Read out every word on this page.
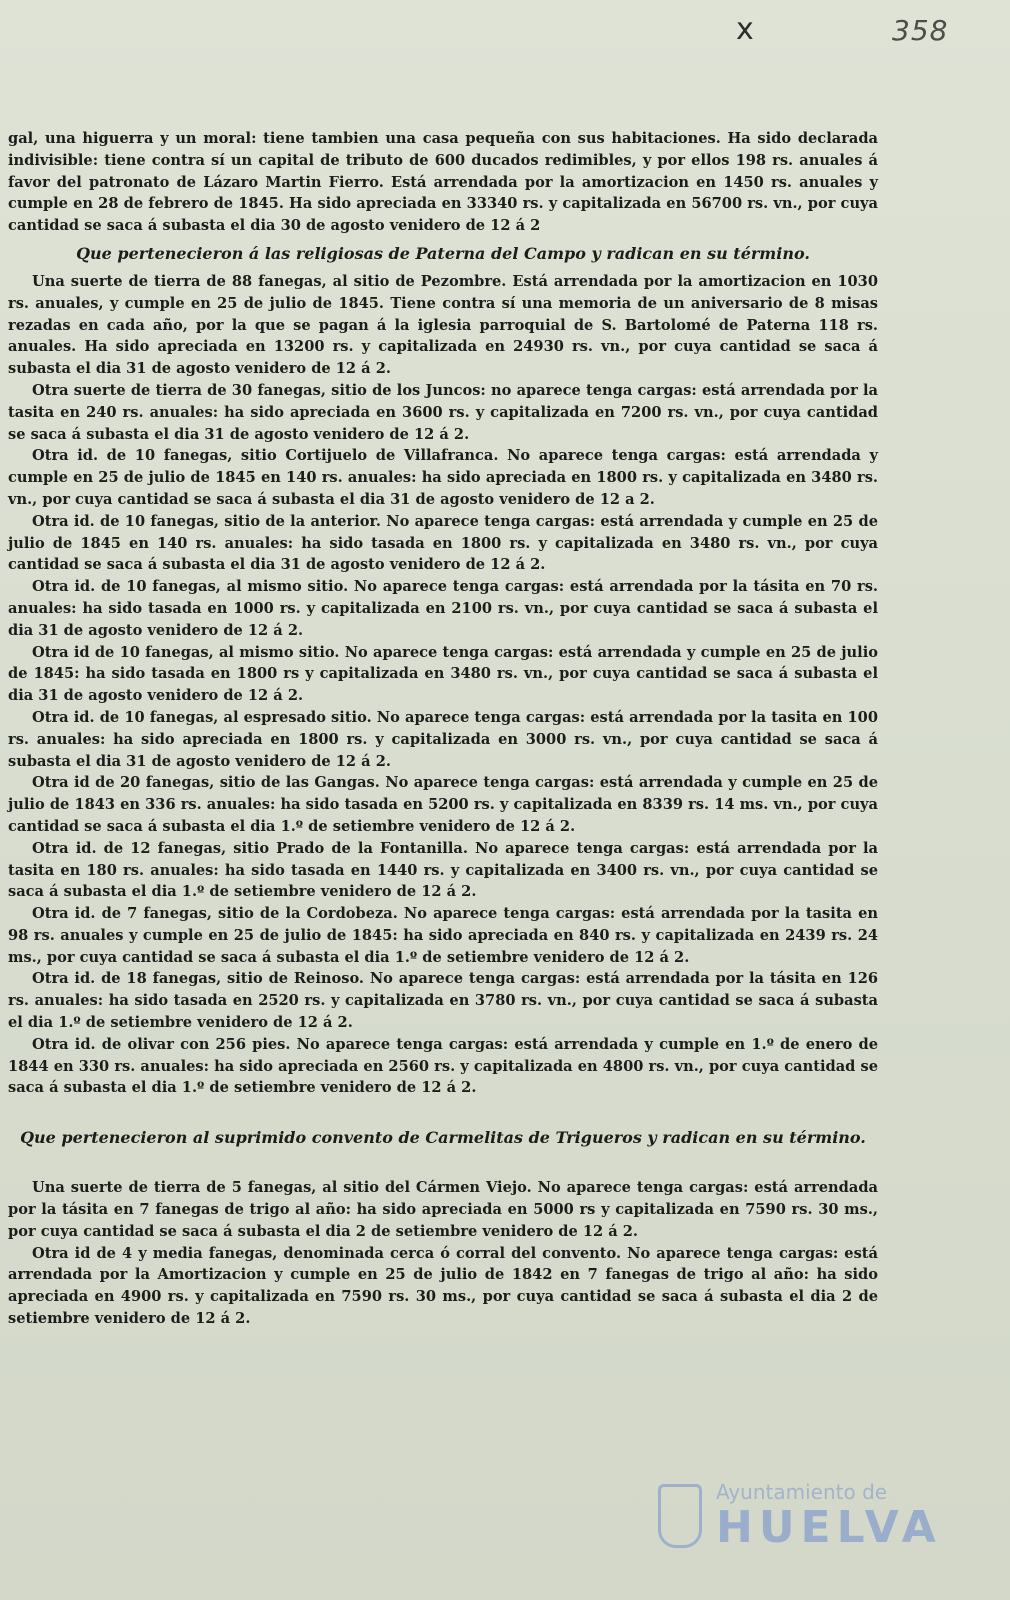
x	358

gal, una higuerra y un moral: tiene tambien una casa pequeña con sus habitaciones. Ha sido declarada indivisible: tiene contra sí un capital de tributo de 600 ducados redimibles, y por ellos 198 rs. anuales á favor del patronato de Lázaro Martin Fierro. Está arrendada por la amortizacion en 1450 rs. anuales y cumple en 28 de febrero de 1845. Ha sido apreciada en 33340 rs. y capitalizada en 56700 rs. vn., por cuya cantidad se saca á subasta el dia 30 de agosto venidero de 12 á 2

Que pertenecieron á las religiosas de Paterna del Campo y radican en su término.

Una suerte de tierra de 88 fanegas, al sitio de Pezombre. Está arrendada por la amortizacion en 1030 rs. anuales, y cumple en 25 de julio de 1845. Tiene contra sí una memoria de un aniversario de 8 misas rezadas en cada año, por la que se pagan á la iglesia parroquial de S. Bartolomé de Paterna 118 rs. anuales. Ha sido apreciada en 13200 rs. y capitalizada en 24930 rs. vn., por cuya cantidad se saca á subasta el dia 31 de agosto venidero de 12 á 2.

Otra suerte de tierra de 30 fanegas, sitio de los Juncos: no aparece tenga cargas: está arrendada por la tasita en 240 rs. anuales: ha sido apreciada en 3600 rs. y capitalizada en 7200 rs. vn., por cuya cantidad se saca á subasta el dia 31 de agosto venidero de 12 á 2.

Otra id. de 10 fanegas, sitio Cortijuelo de Villafranca. No aparece tenga cargas: está arrendada y cumple en 25 de julio de 1845 en 140 rs. anuales: ha sido apreciada en 1800 rs. y capitalizada en 3480 rs. vn., por cuya cantidad se saca á subasta el dia 31 de agosto venidero de 12 a 2.

Otra id. de 10 fanegas, sitio de la anterior. No aparece tenga cargas: está arrendada y cumple en 25 de julio de 1845 en 140 rs. anuales: ha sido tasada en 1800 rs. y capitalizada en 3480 rs. vn., por cuya cantidad se saca á subasta el dia 31 de agosto venidero de 12 á 2.

Otra id. de 10 fanegas, al mismo sitio. No aparece tenga cargas: está arrendada por la tásita en 70 rs. anuales: ha sido tasada en 1000 rs. y capitalizada en 2100 rs. vn., por cuya cantidad se saca á subasta el dia 31 de agosto venidero de 12 á 2.

Otra id de 10 fanegas, al mismo sitio. No aparece tenga cargas: está arrendada y cumple en 25 de julio de 1845: ha sido tasada en 1800 rs y capitalizada en 3480 rs. vn., por cuya cantidad se saca á subasta el dia 31 de agosto venidero de 12 á 2.

Otra id. de 10 fanegas, al espresado sitio. No aparece tenga cargas: está arrendada por la tasita en 100 rs. anuales: ha sido apreciada en 1800 rs. y capitalizada en 3000 rs. vn., por cuya cantidad se saca á subasta el dia 31 de agosto venidero de 12 á 2.

Otra id de 20 fanegas, sitio de las Gangas. No aparece tenga cargas: está arrendada y cumple en 25 de julio de 1843 en 336 rs. anuales: ha sido tasada en 5200 rs. y capitalizada en 8339 rs. 14 ms. vn., por cuya cantidad se saca á subasta el dia 1.º de setiembre venidero de 12 á 2.

Otra id. de 12 fanegas, sitio Prado de la Fontanilla. No aparece tenga cargas: está arrendada por la tasita en 180 rs. anuales: ha sido tasada en 1440 rs. y capitalizada en 3400 rs. vn., por cuya cantidad se saca á subasta el dia 1.º de setiembre venidero de 12 á 2.

Otra id. de 7 fanegas, sitio de la Cordobeza. No aparece tenga cargas: está arrendada por la tasita en 98 rs. anuales y cumple en 25 de julio de 1845: ha sido apreciada en 840 rs. y capitalizada en 2439 rs. 24 ms., por cuya cantidad se saca á subasta el dia 1.º de setiembre venidero de 12 á 2.

Otra id. de 18 fanegas, sitio de Reinoso. No aparece tenga cargas: está arrendada por la tásita en 126 rs. anuales: ha sido tasada en 2520 rs. y capitalizada en 3780 rs. vn., por cuya cantidad se saca á subasta el dia 1.º de setiembre venidero de 12 á 2.

Otra id. de olivar con 256 pies. No aparece tenga cargas: está arrendada y cumple en 1.º de enero de 1844 en 330 rs. anuales: ha sido apreciada en 2560 rs. y capitalizada en 4800 rs. vn., por cuya cantidad se saca á subasta el dia 1.º de setiembre venidero de 12 á 2.

Que pertenecieron al suprimido convento de Carmelitas de Trigueros y radican en su término.

Una suerte de tierra de 5 fanegas, al sitio del Cármen Viejo. No aparece tenga cargas: está arrendada por la tásita en 7 fanegas de trigo al año: ha sido apreciada en 5000 rs y capitalizada en 7590 rs. 30 ms., por cuya cantidad se saca á subasta el dia 2 de setiembre venidero de 12 á 2.

Otra id de 4 y media fanegas, denominada cerca ó corral del convento. No aparece tenga cargas: está arrendada por la Amortizacion y cumple en 25 de julio de 1842 en 7 fanegas de trigo al año: ha sido apreciada en 4900 rs. y capitalizada en 7590 rs. 30 ms., por cuya cantidad se saca á subasta el dia 2 de setiembre venidero de 12 á 2.

Ayuntamiento de
HUELVA
